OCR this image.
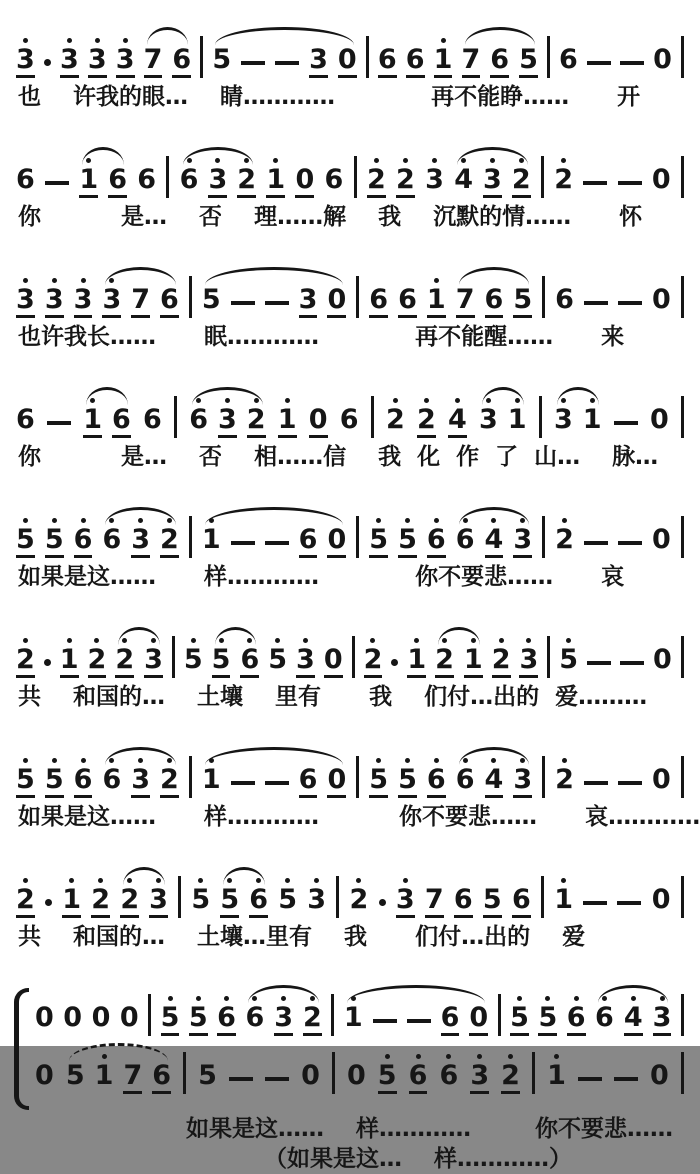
3 3 3 3 7 6 5	3 0 6 6 1 7 6 5 6	0
也  许我的眼…  睛…………      再不能睁……   开
6 1 6 6 6 3 2 1 0 6 2 2 3 4 3 2 2	0
你     是…  否  理……解  我  沉默的情……   怀
3 3 3 3 7 6 5	3 0 6 6 1 7 6 5 6	0
也许我长……   眠…………      再不能醒……   来
6 1 6 6 6 3 2 1 0 6 2 2 4 3 1 3 1 0
你     是…  否  相……信  我 化 作 了 山…  脉…
5 5 6 6 3 2 1	6 0 5 5 6 6 4 3 2	0
如果是这……   样…………      你不要悲……   哀
2 1 2 2 3 5 5 6 5 3 0 2 1 2 1 2 3 5	0
共  和国的…  土壤  里有   我  们付…出的 爱………
5 5 6 6 3 2 1	6 0 5 5 6 6 4 3 2	0
如果是这……   样…………     你不要悲……   哀…………
2 1 2 2 3 5 5 6 5 3 2 3 7 6 5 6 1	0
共  和国的…  土壤…里有  我   们付…出的  爱
0 0 0 0 5 5 6 6 3 2 1	6 0 5 5 6 6 4 3
0 5 1 7 6 5	0 0 5 6 6 3 2 1	0
如果是这……  样…………    你不要悲……
（如果是这…  样…………）
